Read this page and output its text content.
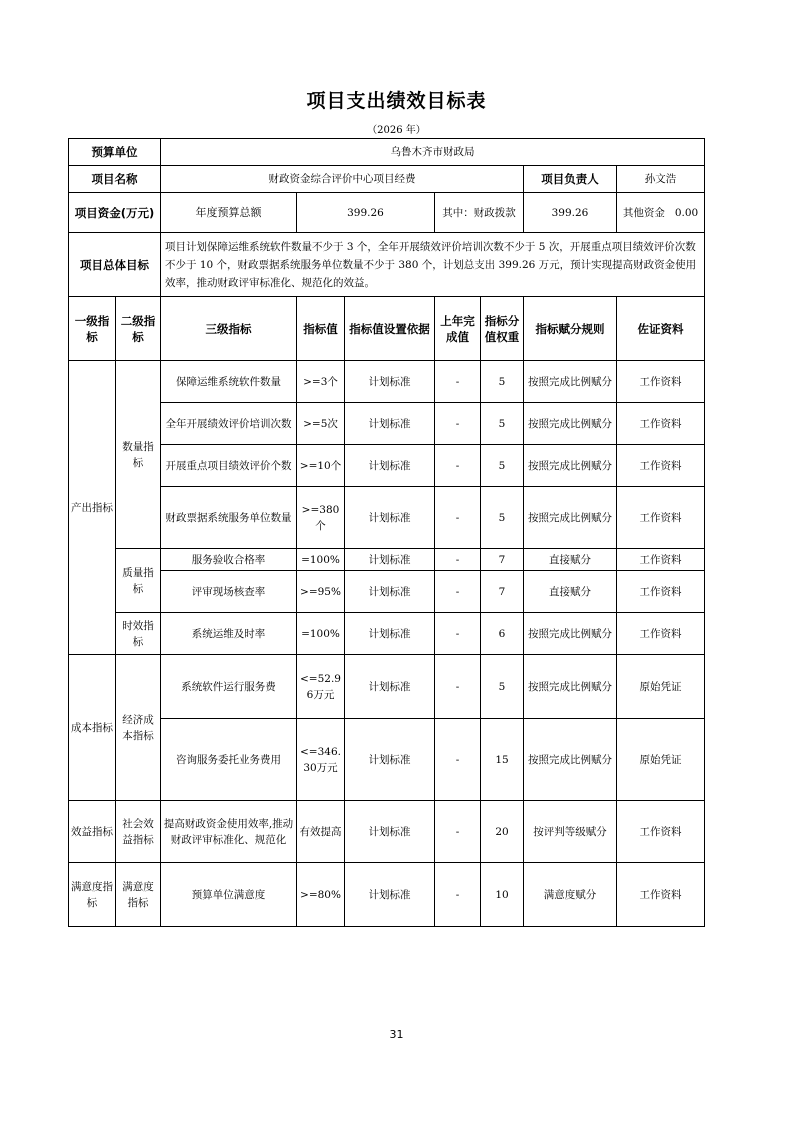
项目支出绩效目标表
（2026 年）
预算单位		乌鲁木齐市财政局						
项目名称		财政资金综合评价中心项目经费					项目负责人	孙文浩
项目资金(万元)		年度预算总额	399.26		其中：财政拨款		399.26	其他资金 0.00
项目总体目标		项目计划保障运维系统软件数量不少于 3 个，全年开展绩效评价培训次数不少于 5 次，开展重点项目绩效评价次数不少于 10 个，财政票据系统服务单位数量不少于 380 个，计划总支出 399.26 万元，预计实现提高财政资金使用效率，推动财政评审标准化、规范化的效益。						
一级指标	二级指标	三级指标	指标值	指标值设置依据	上年完成值	指标分值权重	指标赋分规则	佐证资料
产出指标	数量指标	保障运维系统软件数量	>=3个	计划标准	-	5	按照完成比例赋分	工作资料
		全年开展绩效评价培训次数	>=5次	计划标准	-	5	按照完成比例赋分	工作资料
		开展重点项目绩效评价个数	>=10个	计划标准	-	5	按照完成比例赋分	工作资料
		财政票据系统服务单位数量	>=380个	计划标准	-	5	按照完成比例赋分	工作资料
	质量指标	服务验收合格率	=100%	计划标准	-	7	直接赋分	工作资料
		评审现场核查率	>=95%	计划标准	-	7	直接赋分	工作资料
	时效指标	系统运维及时率	=100%	计划标准	-	6	按照完成比例赋分	工作资料
成本指标	经济成本指标	系统软件运行服务费	<=52.96万元	计划标准	-	5	按照完成比例赋分	原始凭证
		咨询服务委托业务费用	<=346.30万元	计划标准	-	15	按照完成比例赋分	原始凭证
效益指标	社会效益指标	提高财政资金使用效率,推动财政评审标准化、规范化	有效提高	计划标准	-	20	按评判等级赋分	工作资料
满意度指标	满意度指标	预算单位满意度	>=80%	计划标准	-	10	满意度赋分	工作资料
31
